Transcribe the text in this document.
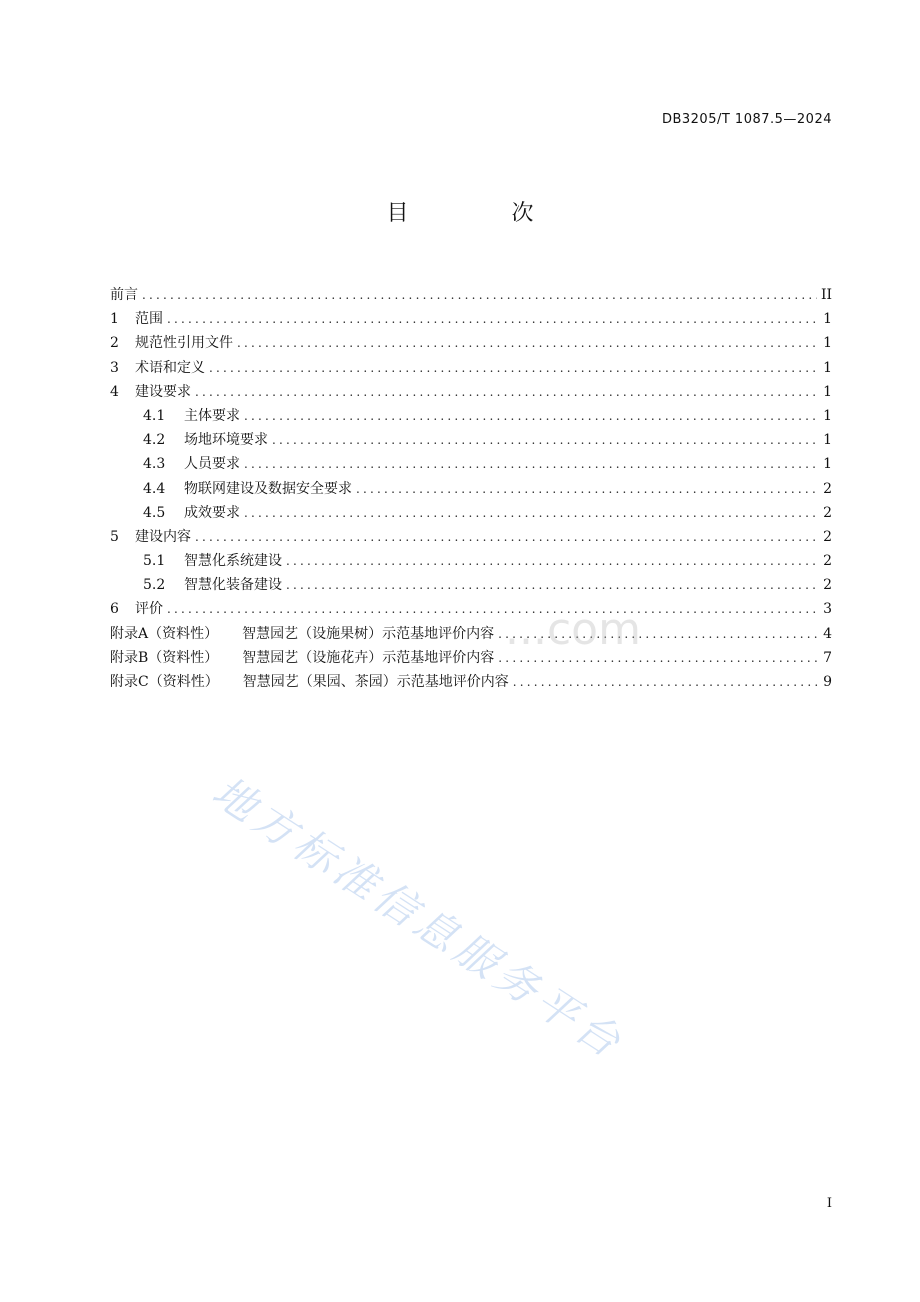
DB3205/T 1087.5—2024
目 次
前言 .....	II
1	范围 .....	1
2	规范性引用文件 .....	1
3	术语和定义 .....	1
4	建设要求 .....	1
4.1	主体要求 .....	1
4.2	场地环境要求 .....	1
4.3	人员要求 .....	1
4.4	物联网建设及数据安全要求 .....	2
4.5	成效要求 .....	2
5	建设内容 .....	2
5.1	智慧化系统建设 .....	2
5.2	智慧化装备建设 .....	2
6	评价 .....	3
附录A（资料性） 智慧园艺（设施果树）示范基地评价内容 .....	4
附录B（资料性） 智慧园艺（设施花卉）示范基地评价内容 .....	7
附录C（资料性） 智慧园艺（果园、茶园）示范基地评价内容 .....	9
...com
地方标准信息服务平台
I
